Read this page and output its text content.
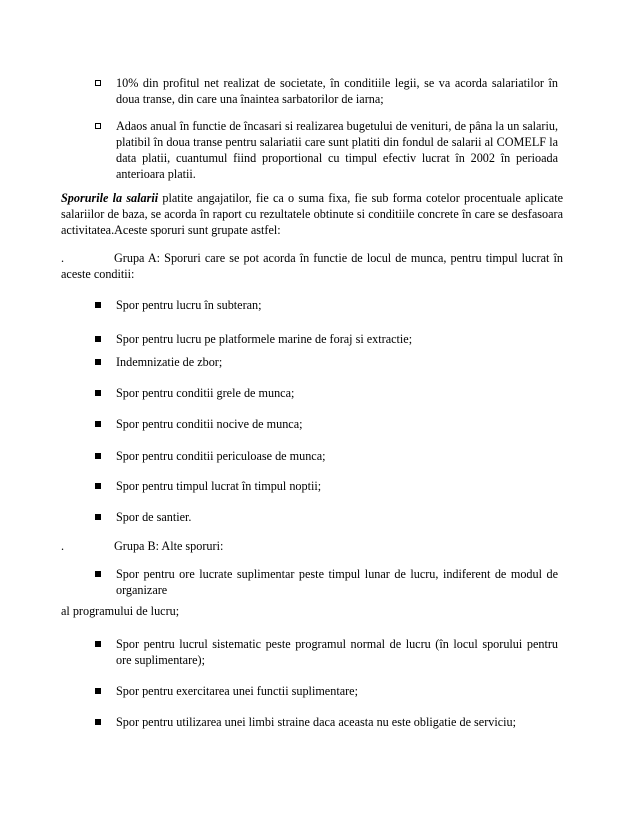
10% din profitul net realizat de societate, în conditiile legii, se va acorda salariatilor în doua transe, din care una înaintea sarbatorilor de iarna;
Adaos anual în functie de încasari si realizarea bugetului de venituri, de pâna la un salariu, platibil în doua transe pentru salariatii care sunt platiti din fondul de salarii al COMELF la data platii, cuantumul fiind proportional cu timpul efectiv lucrat în 2002 în perioada anterioara platii.
Sporurile la salarii platite angajatilor, fie ca o suma fixa, fie sub forma cotelor procentuale aplicate salariilor de baza, se acorda în raport cu rezultatele obtinute si conditiile concrete în care se desfasoara activitatea.Aceste sporuri sunt grupate astfel:
.	Grupa A: Sporuri care se pot acorda în functie de locul de munca, pentru timpul lucrat în aceste conditii:
Spor pentru lucru în subteran;
Spor pentru lucru pe platformele marine de foraj si extractie;
Indemnizatie de zbor;
Spor pentru conditii grele de munca;
Spor pentru conditii nocive de munca;
Spor pentru conditii periculoase de munca;
Spor pentru timpul lucrat în timpul noptii;
Spor de santier.
.	Grupa B: Alte sporuri:
Spor pentru ore lucrate suplimentar peste timpul lunar de lucru, indiferent de modul de organizare
al programului de lucru;
Spor pentru lucrul sistematic peste programul normal de lucru (în locul sporului pentru ore suplimentare);
Spor pentru exercitarea unei functii suplimentare;
Spor pentru utilizarea unei limbi straine daca aceasta nu este obligatie de serviciu;
